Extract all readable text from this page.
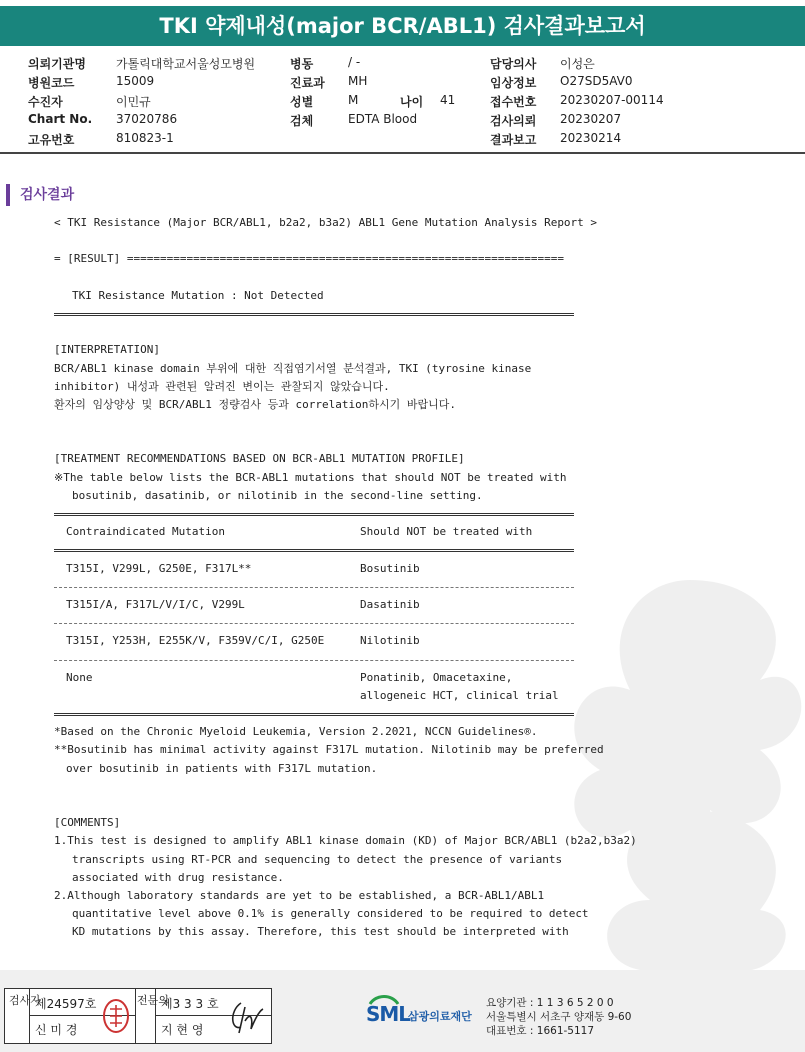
TKI 약제내성(major BCR/ABL1) 검사결과보고서
의뢰기관명	가톨릭대학교서울성모병원	병동	/ -	담당의사 이성은
병원코드	15009	진료과 MH	임상정보 O27SD5AV0
수진자	이민규	성별	M	나이 41	접수번호 20230207-00114
Chart No. 37020786	검체	EDTA Blood	검사의뢰 20230207
고유번호	810823-1	결과보고 20230214
검사결과
< TKI Resistance (Major BCR/ABL1, b2a2, b3a2) ABL1 Gene Mutation Analysis Report >
= [RESULT] ==================================================================
TKI Resistance Mutation : Not Detected
[INTERPRETATION]
BCR/ABL1 kinase domain 부위에 대한 직접염기서열 분석결과, TKI (tyrosine kinase
inhibitor) 내성과 관련된 알려진 변이는 관찰되지 않았습니다.
환자의 임상양상 및 BCR/ABL1 정량검사 등과 correlation하시기 바랍니다.
[TREATMENT RECOMMENDATIONS BASED ON BCR-ABL1 MUTATION PROFILE]
※The table below lists the BCR-ABL1 mutations that should NOT be treated with
bosutinib, dasatinib, or nilotinib in the second-line setting.
Contraindicated Mutation	Should NOT be treated with
T315I, V299L, G250E, F317L**	Bosutinib
T315I/A, F317L/V/I/C, V299L	Dasatinib
T315I, Y253H, E255K/V, F359V/C/I, G250E	Nilotinib
None	Ponatinib, Omacetaxine,
allogeneic HCT, clinical trial
*Based on the Chronic Myeloid Leukemia, Version 2.2021, NCCN Guidelines®.
**Bosutinib has minimal activity against F317L mutation. Nilotinib may be preferred
over bosutinib in patients with F317L mutation.
[COMMENTS]
1.This test is designed to amplify ABL1 kinase domain (KD) of Major BCR/ABL1 (b2a2,b3a2)
transcripts using RT-PCR and sequencing to detect the presence of variants
associated with drug resistance.
2.Although laboratory standards are yet to be established, a BCR-ABL1/ABL1
quantitative level above 0.1% is generally considered to be required to detect
KD mutations by this assay. Therefore, this test should be interpreted with
검사자
제24597호
신 미 경
전문의
제3 3 3 호
지 현 영
SML
삼광의료재단
요양기관 : 1 1 3 6 5 2 0 0
서울특별시 서초구 양재동 9-60
대표번호 : 1661-5117
